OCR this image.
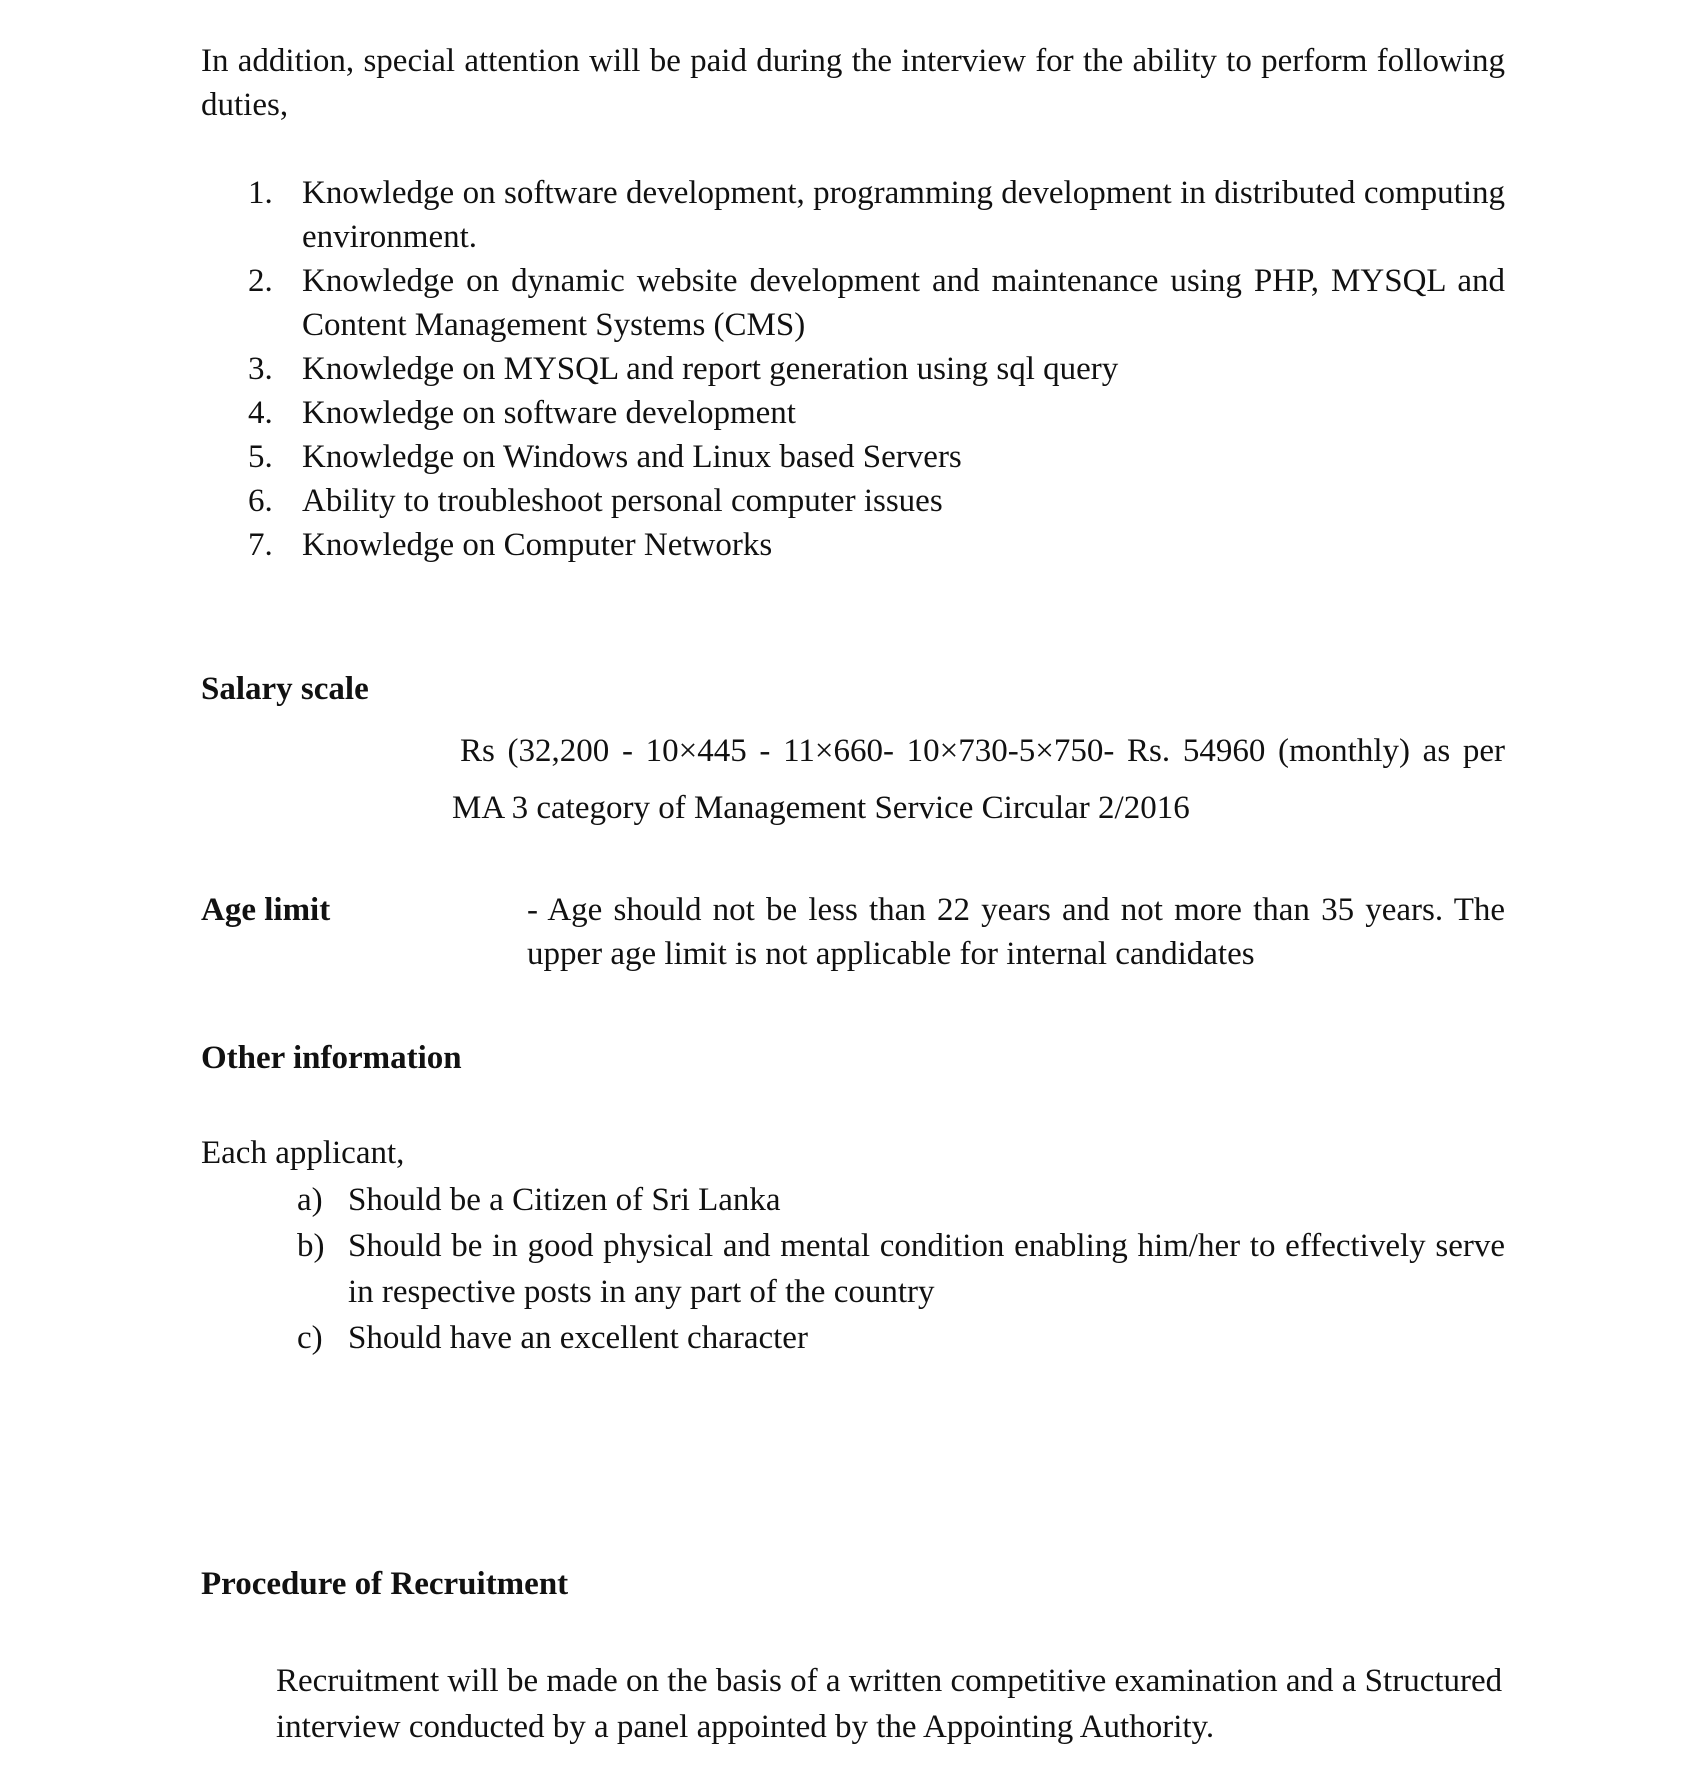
In addition, special attention will be paid during the interview for the ability to perform following duties,

1. Knowledge on software development, programming development in distributed computing environment.
2. Knowledge on dynamic website development and maintenance using PHP, MYSQL and Content Management Systems (CMS)
3. Knowledge on MYSQL and report generation using sql query
4. Knowledge on software development
5. Knowledge on Windows and Linux based Servers
6. Ability to troubleshoot personal computer issues
7. Knowledge on Computer Networks
Salary scale
Rs (32,200 - 10×445 - 11×660- 10×730-5×750- Rs. 54960 (monthly) as per
MA 3 category of Management Service Circular 2/2016
Age limit	- Age should not be less than 22 years and not more than 35 years. The upper age limit is not applicable for internal candidates
Other information
Each applicant,
a) Should be a Citizen of Sri Lanka
b) Should be in good physical and mental condition enabling him/her to effectively serve in respective posts in any part of the country
c) Should have an excellent character
Procedure of Recruitment
Recruitment will be made on the basis of a written competitive examination and a Structured interview conducted by a panel appointed by the Appointing Authority.
